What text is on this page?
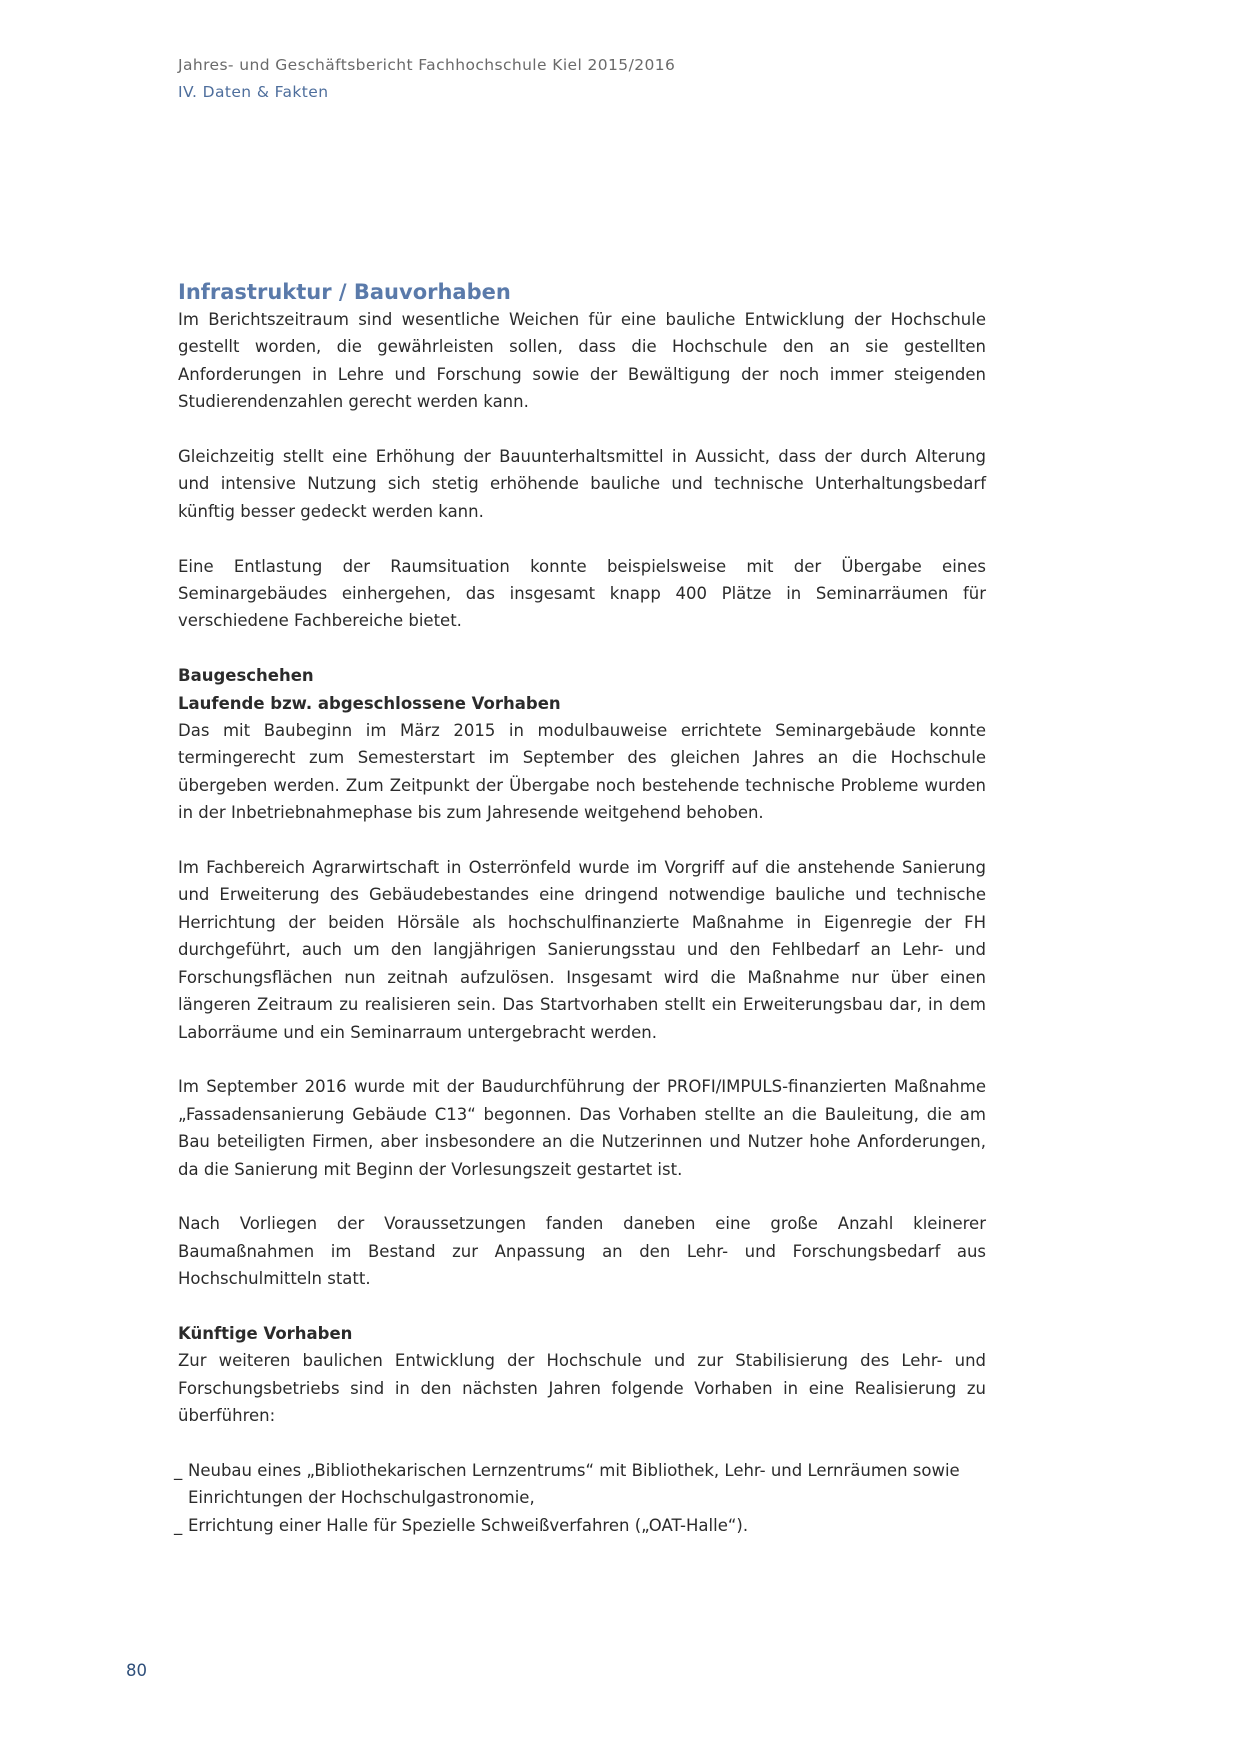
Jahres- und Geschäftsbericht Fachhochschule Kiel 2015/2016
IV. Daten & Fakten
Infrastruktur / Bauvorhaben

Im Berichtszeitraum sind wesentliche Weichen für eine bauliche Entwicklung der Hochschule gestellt worden, die gewährleisten sollen, dass die Hochschule den an sie gestellten Anforderungen in Lehre und Forschung sowie der Bewältigung der noch immer steigenden Studierendenzahlen gerecht werden kann.

Gleichzeitig stellt eine Erhöhung der Bauunterhaltsmittel in Aussicht, dass der durch Alterung und intensive Nutzung sich stetig erhöhende bauliche und technische Unterhaltungsbedarf künftig besser gedeckt werden kann.

Eine Entlastung der Raumsituation konnte beispielsweise mit der Übergabe eines Seminargebäudes einhergehen, das insgesamt knapp 400 Plätze in Seminarräumen für verschiedene Fachbereiche bietet.

Baugeschehen
Laufende bzw. abgeschlossene Vorhaben

Das mit Baubeginn im März 2015 in modulbauweise errichtete Seminargebäude konnte termingerecht zum Semesterstart im September des gleichen Jahres an die Hochschule übergeben werden. Zum Zeitpunkt der Übergabe noch bestehende technische Probleme wurden in der Inbetriebnahmephase bis zum Jahresende weitgehend behoben.

Im Fachbereich Agrarwirtschaft in Osterrönfeld wurde im Vorgriff auf die anstehende Sanierung und Erweiterung des Gebäudebestandes eine dringend notwendige bauliche und technische Herrichtung der beiden Hörsäle als hochschulfinanzierte Maßnahme in Eigenregie der FH durchgeführt, auch um den langjährigen Sanierungsstau und den Fehlbedarf an Lehr- und Forschungsflächen nun zeitnah aufzulösen. Insgesamt wird die Maßnahme nur über einen längeren Zeitraum zu realisieren sein. Das Startvorhaben stellt ein Erweiterungsbau dar, in dem Laborräume und ein Seminarraum untergebracht werden.

Im September 2016 wurde mit der Baudurchführung der PROFI/IMPULS-finanzierten Maßnahme „Fassadensanierung Gebäude C13“ begonnen. Das Vorhaben stellte an die Bauleitung, die am Bau beteiligten Firmen, aber insbesondere an die Nutzerinnen und Nutzer hohe Anforderungen, da die Sanierung mit Beginn der Vorlesungszeit gestartet ist.

Nach Vorliegen der Voraussetzungen fanden daneben eine große Anzahl kleinerer Baumaßnahmen im Bestand zur Anpassung an den Lehr- und Forschungsbedarf aus Hochschulmitteln statt.

Künftige Vorhaben

Zur weiteren baulichen Entwicklung der Hochschule und zur Stabilisierung des Lehr- und Forschungsbetriebs sind in den nächsten Jahren folgende Vorhaben in eine Realisierung zu überführen:

_ Neubau eines „Bibliothekarischen Lernzentrums“ mit Bibliothek, Lehr- und Lernräumen sowie Einrichtungen der Hochschulgastronomie,
_ Errichtung einer Halle für Spezielle Schweißverfahren („OAT-Halle“).
80
